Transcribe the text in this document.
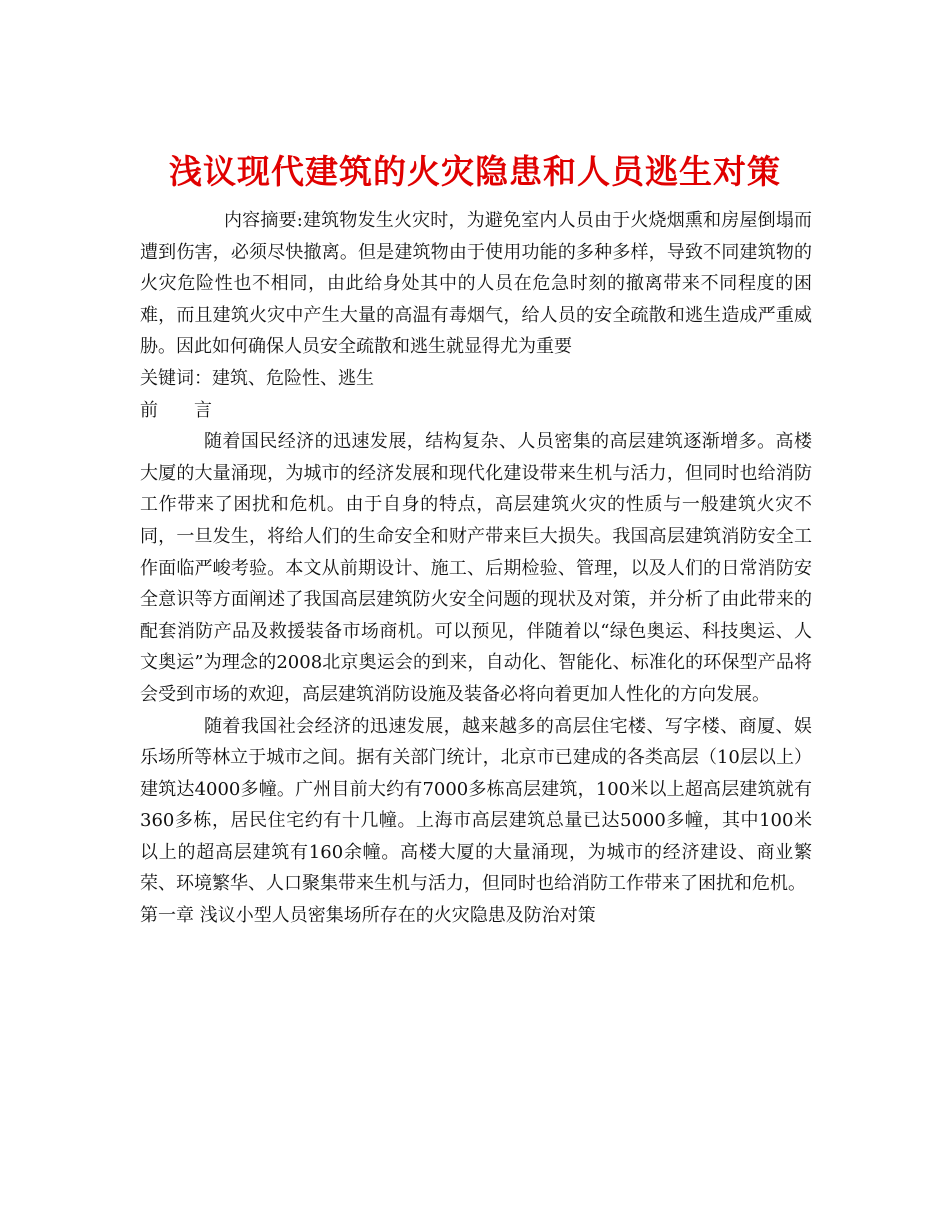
浅议现代建筑的火灾隐患和人员逃生对策

内容摘要:建筑物发生火灾时，为避免室内人员由于火烧烟熏和房屋倒塌而遭到伤害，必须尽快撤离。但是建筑物由于使用功能的多种多样，导致不同建筑物的火灾危险性也不相同，由此给身处其中的人员在危急时刻的撤离带来不同程度的困难，而且建筑火灾中产生大量的高温有毒烟气，给人员的安全疏散和逃生造成严重威胁。因此如何确保人员安全疏散和逃生就显得尤为重要

关键词：建筑、危险性、逃生

前 言

随着国民经济的迅速发展，结构复杂、人员密集的高层建筑逐渐增多。高楼大厦的大量涌现，为城市的经济发展和现代化建设带来生机与活力，但同时也给消防工作带来了困扰和危机。由于自身的特点，高层建筑火灾的性质与一般建筑火灾不同，一旦发生，将给人们的生命安全和财产带来巨大损失。我国高层建筑消防安全工作面临严峻考验。本文从前期设计、施工、后期检验、管理，以及人们的日常消防安全意识等方面阐述了我国高层建筑防火安全问题的现状及对策，并分析了由此带来的配套消防产品及救援装备市场商机。可以预见，伴随着以“绿色奥运、科技奥运、人文奥运”为理念的2008北京奥运会的到来，自动化、智能化、标准化的环保型产品将会受到市场的欢迎，高层建筑消防设施及装备必将向着更加人性化的方向发展。

随着我国社会经济的迅速发展，越来越多的高层住宅楼、写字楼、商厦、娱乐场所等林立于城市之间。据有关部门统计，北京市已建成的各类高层（10层以上）建筑达4000多幢。广州目前大约有7000多栋高层建筑，100米以上超高层建筑就有360多栋，居民住宅约有十几幢。上海市高层建筑总量已达5000多幢，其中100米以上的超高层建筑有160余幢。高楼大厦的大量涌现，为城市的经济建设、商业繁荣、环境繁华、人口聚集带来生机与活力，但同时也给消防工作带来了困扰和危机。

第一章 浅议小型人员密集场所存在的火灾隐患及防治对策
